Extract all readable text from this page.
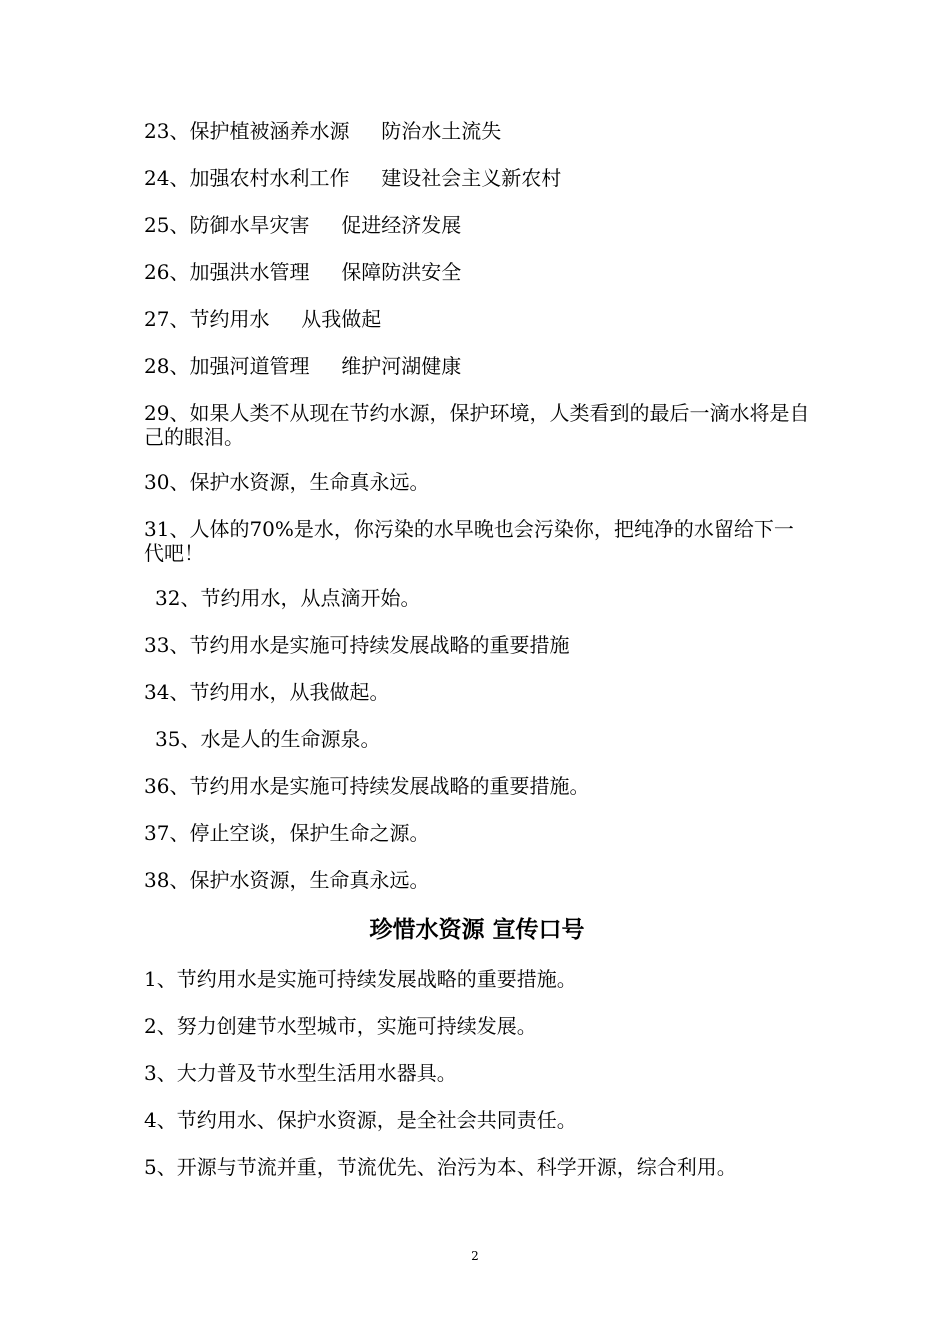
23、保护植被涵养水源     防治水土流失

24、加强农村水利工作     建设社会主义新农村

25、防御水旱灾害     促进经济发展

26、加强洪水管理     保障防洪安全

27、节约用水     从我做起

28、加强河道管理     维护河湖健康

29、如果人类不从现在节约水源，保护环境，人类看到的最后一滴水将是自己的眼泪。

30、保护水资源，生命真永远。

31、人体的70%是水，你污染的水早晚也会污染你，把纯净的水留给下一代吧！

32、节约用水，从点滴开始。

33、节约用水是实施可持续发展战略的重要措施

34、节约用水，从我做起。

35、水是人的生命源泉。

36、节约用水是实施可持续发展战略的重要措施。

37、停止空谈，保护生命之源。

38、保护水资源，生命真永远。

珍惜水资源 宣传口号

1、节约用水是实施可持续发展战略的重要措施。

2、努力创建节水型城市，实施可持续发展。

3、大力普及节水型生活用水器具。

4、节约用水、保护水资源，是全社会共同责任。

5、开源与节流并重，节流优先、治污为本、科学开源，综合利用。

2
